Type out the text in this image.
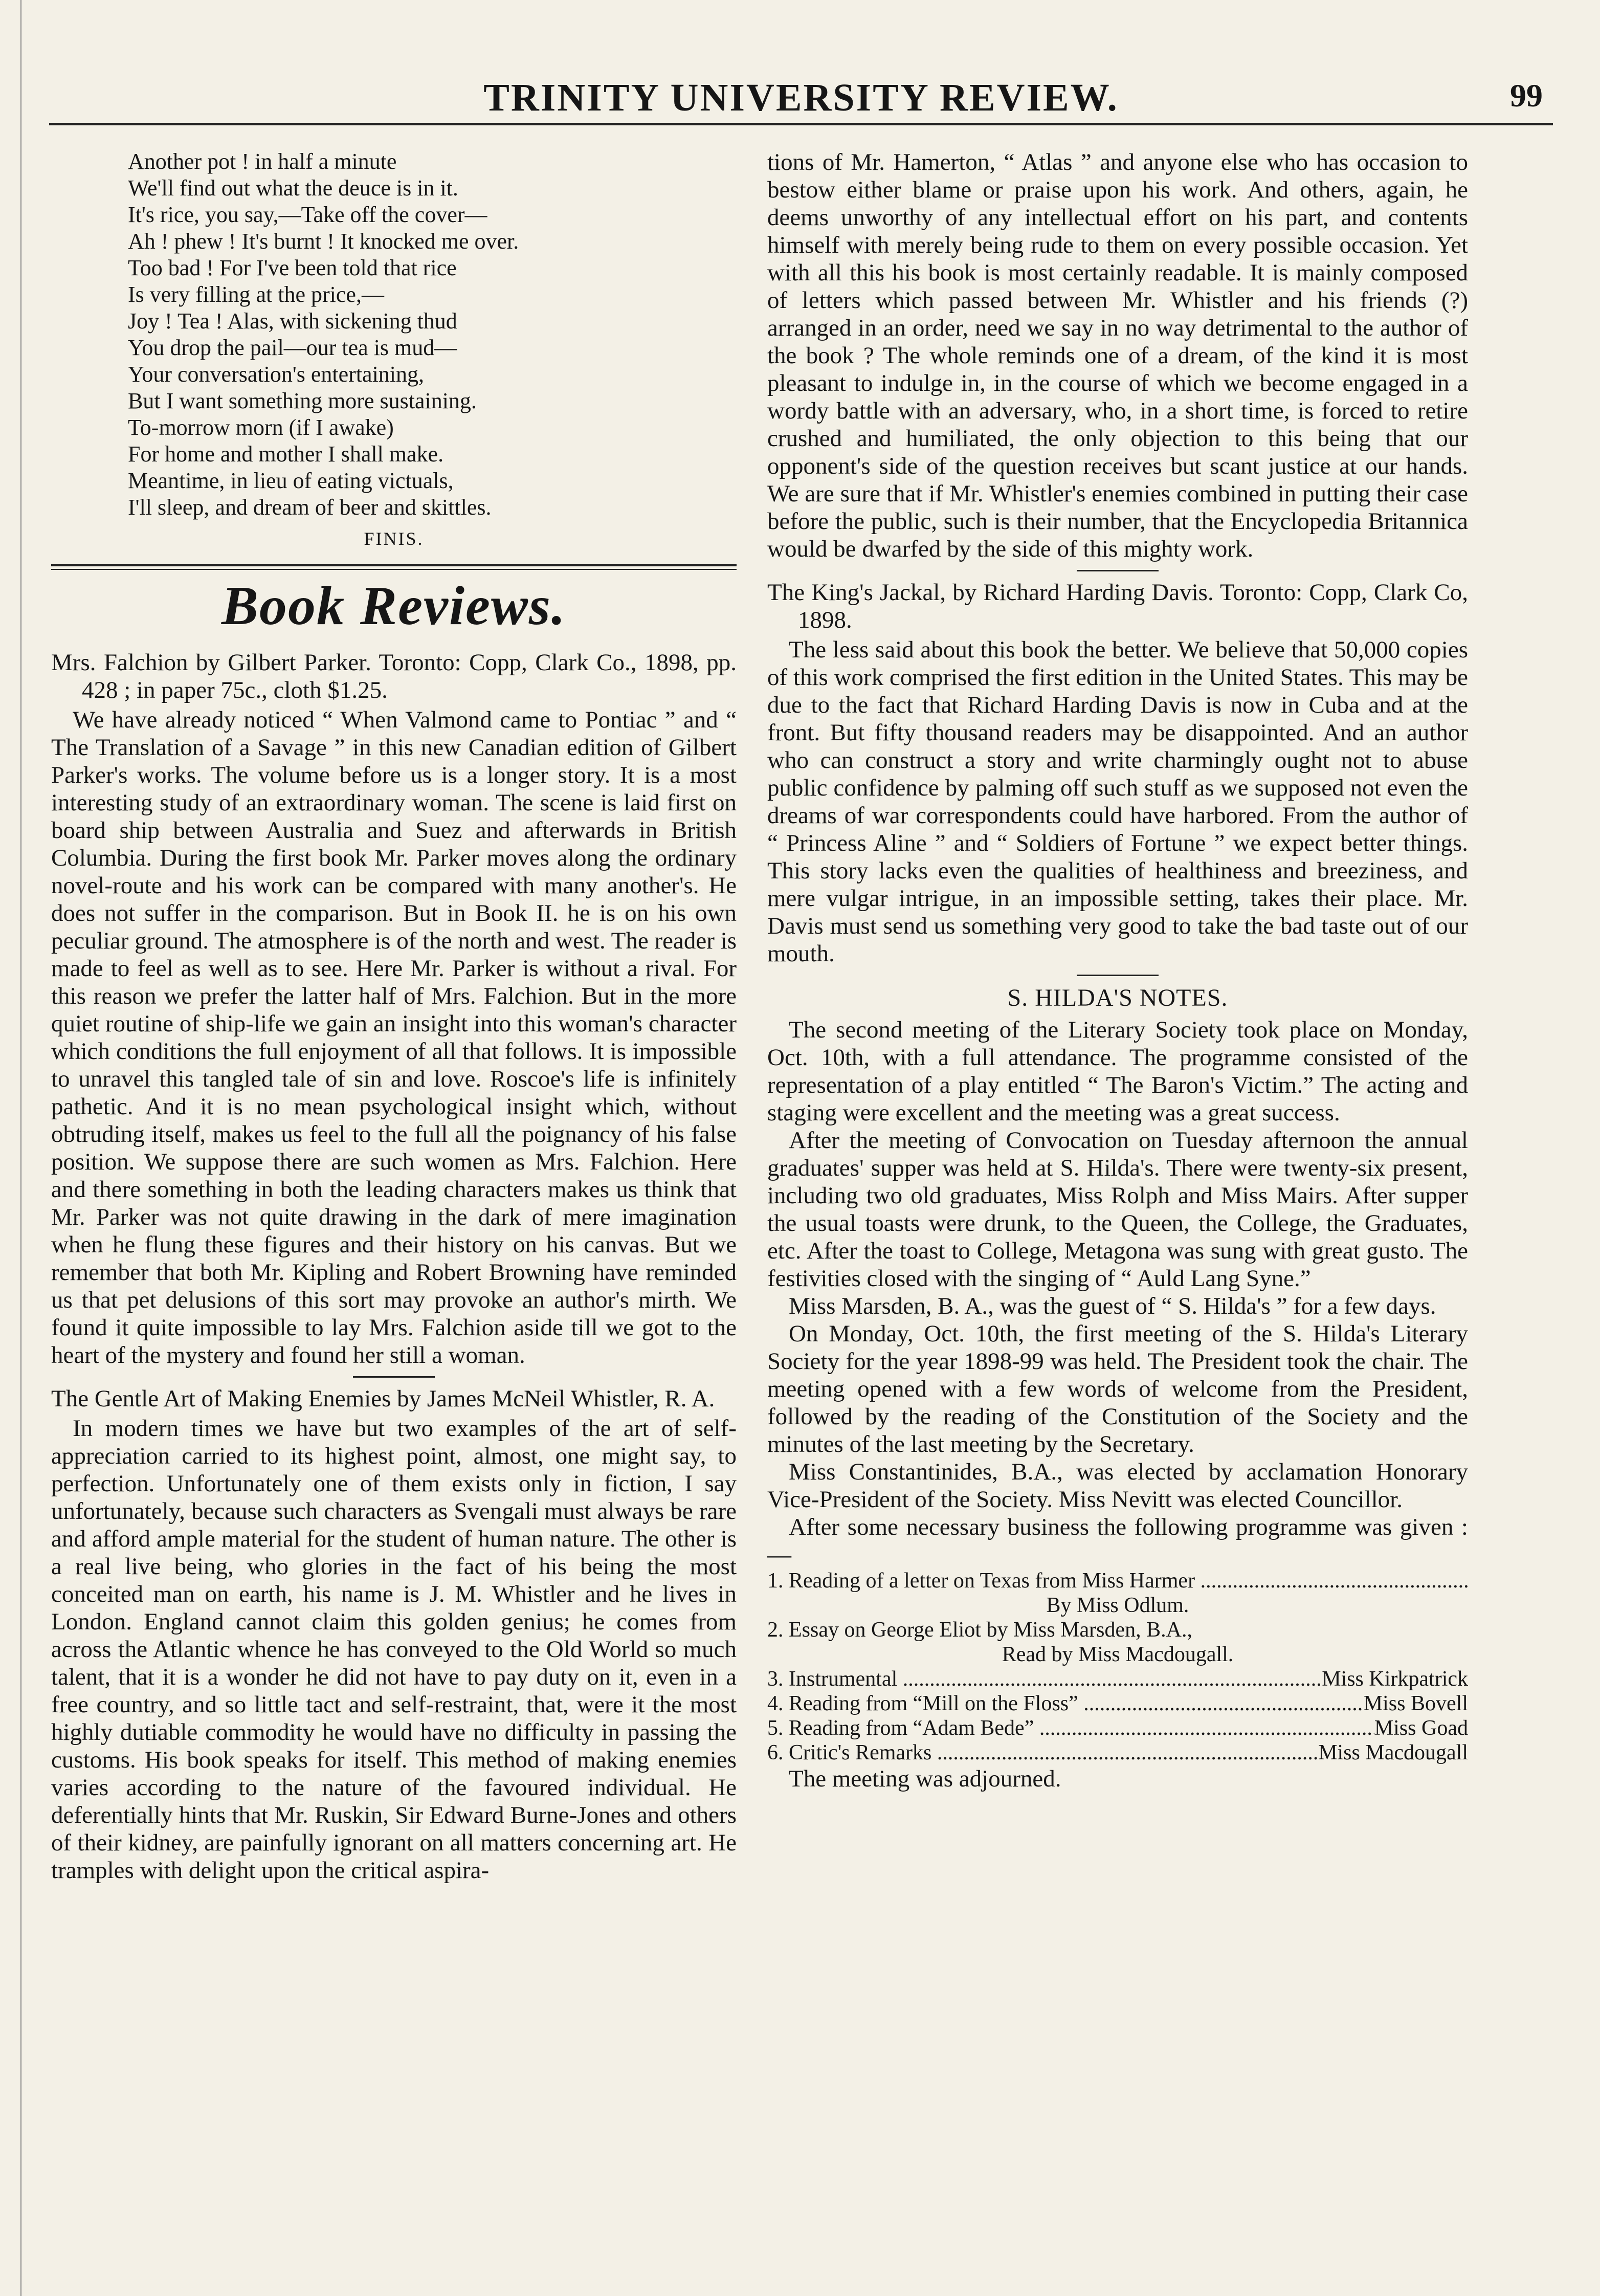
TRINITY UNIVERSITY REVIEW.	99
Another pot ! in half a minute
We'll find out what the deuce is in it.
It's rice, you say,—Take off the cover—
Ah ! phew ! It's burnt ! It knocked me over.
Too bad ! For I've been told that rice
Is very filling at the price,—
Joy ! Tea ! Alas, with sickening thud
You drop the pail—our tea is mud—
Your conversation's entertaining,
But I want something more sustaining.
To-morrow morn (if I awake)
For home and mother I shall make.
Meantime, in lieu of eating victuals,
I'll sleep, and dream of beer and skittles.
FINIS.
Book Reviews.

Mrs. Falchion by Gilbert Parker. Toronto: Copp, Clark Co., 1898, pp. 428 ; in paper 75c., cloth $1.25.

We have already noticed “ When Valmond came to Pontiac ” and “ The Translation of a Savage ” in this new Canadian edition of Gilbert Parker's works. The volume before us is a longer story. It is a most interesting study of an extraordinary woman. The scene is laid first on board ship between Australia and Suez and afterwards in British Columbia. During the first book Mr. Parker moves along the ordinary novel-route and his work can be compared with many another's. He does not suffer in the comparison. But in Book II. he is on his own peculiar ground. The atmosphere is of the north and west. The reader is made to feel as well as to see. Here Mr. Parker is without a rival. For this reason we prefer the latter half of Mrs. Falchion. But in the more quiet routine of ship-life we gain an insight into this woman's character which conditions the full enjoyment of all that follows. It is impossible to unravel this tangled tale of sin and love. Roscoe's life is infinitely pathetic. And it is no mean psychological insight which, without obtruding itself, makes us feel to the full all the poignancy of his false position. We suppose there are such women as Mrs. Falchion. Here and there something in both the leading characters makes us think that Mr. Parker was not quite drawing in the dark of mere imagination when he flung these figures and their history on his canvas. But we remember that both Mr. Kipling and Robert Browning have reminded us that pet delusions of this sort may provoke an author's mirth. We found it quite impossible to lay Mrs. Falchion aside till we got to the heart of the mystery and found her still a woman.

The Gentle Art of Making Enemies by James McNeil Whistler, R. A.

In modern times we have but two examples of the art of self-appreciation carried to its highest point, almost, one might say, to perfection. Unfortunately one of them exists only in fiction, I say unfortunately, because such characters as Svengali must always be rare and afford ample material for the student of human nature. The other is a real live being, who glories in the fact of his being the most conceited man on earth, his name is J. M. Whistler and he lives in London. England cannot claim this golden genius; he comes from across the Atlantic whence he has conveyed to the Old World so much talent, that it is a wonder he did not have to pay duty on it, even in a free country, and so little tact and self-restraint, that, were it the most highly dutiable commodity he would have no difficulty in passing the customs. His book speaks for itself. This method of making enemies varies according to the nature of the favoured individual. He deferentially hints that Mr. Ruskin, Sir Edward Burne-Jones and others of their kidney, are painfully ignorant on all matters concerning art. He tramples with delight upon the critical aspira-

tions of Mr. Hamerton, “ Atlas ” and anyone else who has occasion to bestow either blame or praise upon his work. And others, again, he deems unworthy of any intellectual effort on his part, and contents himself with merely being rude to them on every possible occasion. Yet with all this his book is most certainly readable. It is mainly composed of letters which passed between Mr. Whistler and his friends (?) arranged in an order, need we say in no way detrimental to the author of the book ? The whole reminds one of a dream, of the kind it is most pleasant to indulge in, in the course of which we become engaged in a wordy battle with an adversary, who, in a short time, is forced to retire crushed and humiliated, the only objection to this being that our opponent's side of the question receives but scant justice at our hands. We are sure that if Mr. Whistler's enemies combined in putting their case before the public, such is their number, that the Encyclopedia Britannica would be dwarfed by the side of this mighty work.

The King's Jackal, by Richard Harding Davis. Toronto: Copp, Clark Co, 1898.

The less said about this book the better. We believe that 50,000 copies of this work comprised the first edition in the United States. This may be due to the fact that Richard Harding Davis is now in Cuba and at the front. But fifty thousand readers may be disappointed. And an author who can construct a story and write charmingly ought not to abuse public confidence by palming off such stuff as we supposed not even the dreams of war correspondents could have harbored. From the author of “ Princess Aline ” and “ Soldiers of Fortune ” we expect better things. This story lacks even the qualities of healthiness and breeziness, and mere vulgar intrigue, in an impossible setting, takes their place. Mr. Davis must send us something very good to take the bad taste out of our mouth.

S. HILDA'S NOTES.

The second meeting of the Literary Society took place on Monday, Oct. 10th, with a full attendance. The programme consisted of the representation of a play entitled “ The Baron's Victim.” The acting and staging were excellent and the meeting was a great success.

After the meeting of Convocation on Tuesday afternoon the annual graduates' supper was held at S. Hilda's. There were twenty-six present, including two old graduates, Miss Rolph and Miss Mairs. After supper the usual toasts were drunk, to the Queen, the College, the Graduates, etc. After the toast to College, Metagona was sung with great gusto. The festivities closed with the singing of “ Auld Lang Syne.”

Miss Marsden, B. A., was the guest of “ S. Hilda's ” for a few days.

On Monday, Oct. 10th, the first meeting of the S. Hilda's Literary Society for the year 1898-99 was held. The President took the chair. The meeting opened with a few words of welcome from the President, followed by the reading of the Constitution of the Society and the minutes of the last meeting by the Secretary.

Miss Constantinides, B.A., was elected by acclamation Honorary Vice-President of the Society. Miss Nevitt was elected Councillor.

After some necessary business the following programme was given :—

1. Reading of a letter on Texas from Miss Harmer .....
By Miss Odlum.
2. Essay on George Eliot by Miss Marsden, B.A.,
Read by Miss Macdougall.
3. Instrumental .....	Miss Kirkpatrick
4. Reading from “Mill on the Floss” .....	Miss Bovell
5. Reading from “Adam Bede” .....	Miss Goad
6. Critic's Remarks .....	Miss Macdougall

The meeting was adjourned.
